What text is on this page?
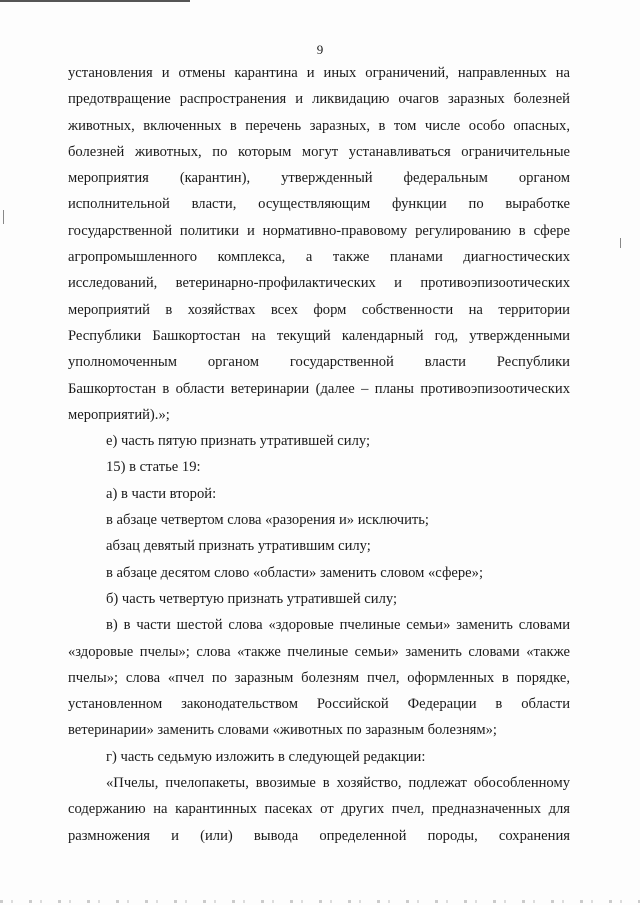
9
установления и отмены карантина и иных ограничений, направленных на
предотвращение распространения и ликвидацию очагов заразных болезней
животных, включенных в перечень заразных, в том числе особо опасных,
болезней животных, по которым могут устанавливаться ограничительные
мероприятия (карантин), утвержденный федеральным органом
исполнительной власти, осуществляющим функции по выработке
государственной политики и нормативно-правовому регулированию в сфере
агропромышленного комплекса, а также планами диагностических
исследований, ветеринарно-профилактических и противоэпизоотических
мероприятий в хозяйствах всех форм собственности на территории
Республики Башкортостан на текущий календарный год, утвержденными
уполномоченным органом государственной власти Республики
Башкортостан в области ветеринарии (далее – планы противоэпизоотических
мероприятий).»;
е) часть пятую признать утратившей силу;
15) в статье 19:
а) в части второй:
в абзаце четвертом слова «разорения и» исключить;
абзац девятый признать утратившим силу;
в абзаце десятом слово «области» заменить словом «сфере»;
б) часть четвертую признать утратившей силу;
в) в части шестой слова «здоровые пчелиные семьи» заменить словами
«здоровые пчелы»; слова «также пчелиные семьи» заменить словами «также
пчелы»; слова «пчел по заразным болезням пчел, оформленных в порядке,
установленном законодательством Российской Федерации в области
ветеринарии» заменить словами «животных по заразным болезням»;
г) часть седьмую изложить в следующей редакции:
«Пчелы, пчелопакеты, ввозимые в хозяйство, подлежат обособленному
содержанию на карантинных пасеках от других пчел, предназначенных для
размножения и (или) вывода определенной породы, сохранения
